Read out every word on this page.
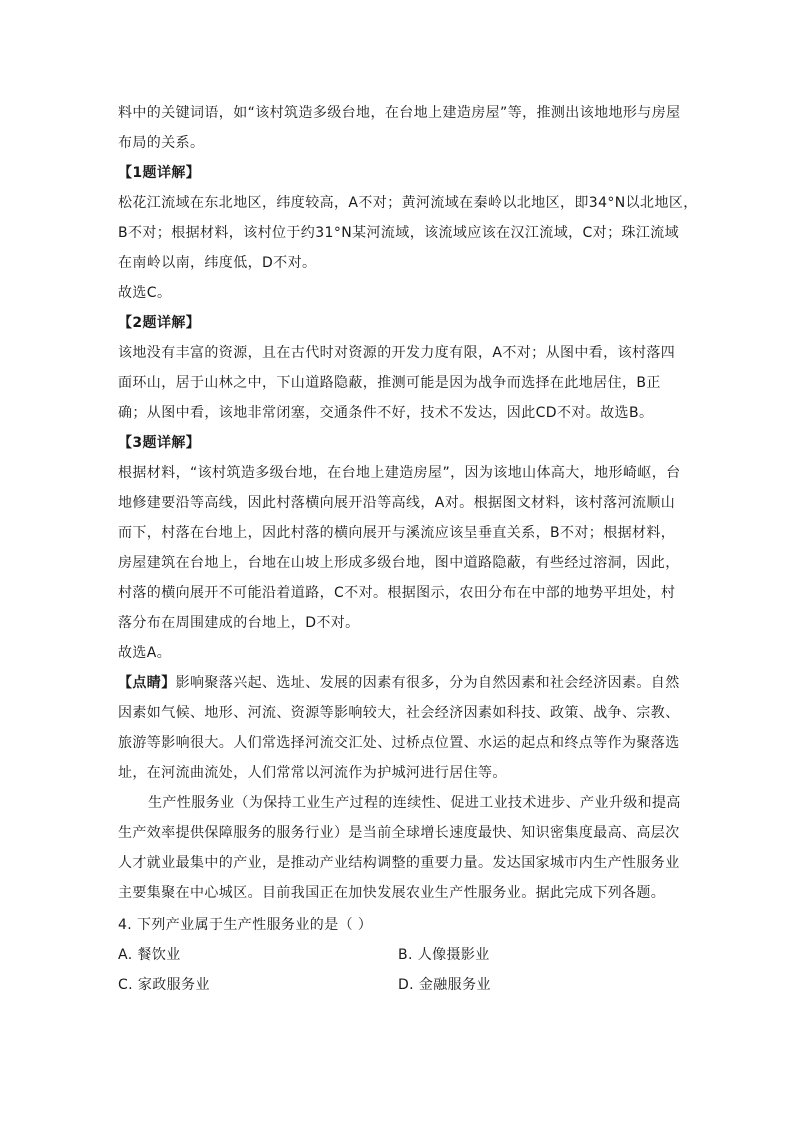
料中的关键词语，如“该村筑造多级台地，在台地上建造房屋”等，推测出该地地形与房屋
布局的关系。
【1题详解】
松花江流域在东北地区，纬度较高，A不对；黄河流域在秦岭以北地区，即34°N以北地区，
B不对；根据材料，该村位于约31°N某河流域，该流域应该在汉江流域，C对；珠江流域
在南岭以南，纬度低，D不对。
故选C。
【2题详解】
该地没有丰富的资源，且在古代时对资源的开发力度有限，A不对；从图中看，该村落四
面环山，居于山林之中，下山道路隐蔽，推测可能是因为战争而选择在此地居住，B正
确；从图中看，该地非常闭塞，交通条件不好，技术不发达，因此CD不对。故选B。
【3题详解】
根据材料，“该村筑造多级台地，在台地上建造房屋”，因为该地山体高大，地形崎岖，台
地修建要沿等高线，因此村落横向展开沿等高线，A对。根据图文材料，该村落河流顺山
而下，村落在台地上，因此村落的横向展开与溪流应该呈垂直关系，B不对；根据材料，
房屋建筑在台地上，台地在山坡上形成多级台地，图中道路隐蔽，有些经过溶洞，因此，
村落的横向展开不可能沿着道路，C不对。根据图示，农田分布在中部的地势平坦处，村
落分布在周围建成的台地上，D不对。
故选A。
【点睛】影响聚落兴起、选址、发展的因素有很多，分为自然因素和社会经济因素。自然
因素如气候、地形、河流、资源等影响较大，社会经济因素如科技、政策、战争、宗教、
旅游等影响很大。人们常选择河流交汇处、过桥点位置、水运的起点和终点等作为聚落选
址，在河流曲流处，人们常常以河流作为护城河进行居住等。
生产性服务业（为保持工业生产过程的连续性、促进工业技术进步、产业升级和提高
生产效率提供保障服务的服务行业）是当前全球增长速度最快、知识密集度最高、高层次
人才就业最集中的产业，是推动产业结构调整的重要力量。发达国家城市内生产性服务业
主要集聚在中心城区。目前我国正在加快发展农业生产性服务业。据此完成下列各题。
4. 下列产业属于生产性服务业的是（ ）
A. 餐饮业	B. 人像摄影业
C. 家政服务业	D. 金融服务业
